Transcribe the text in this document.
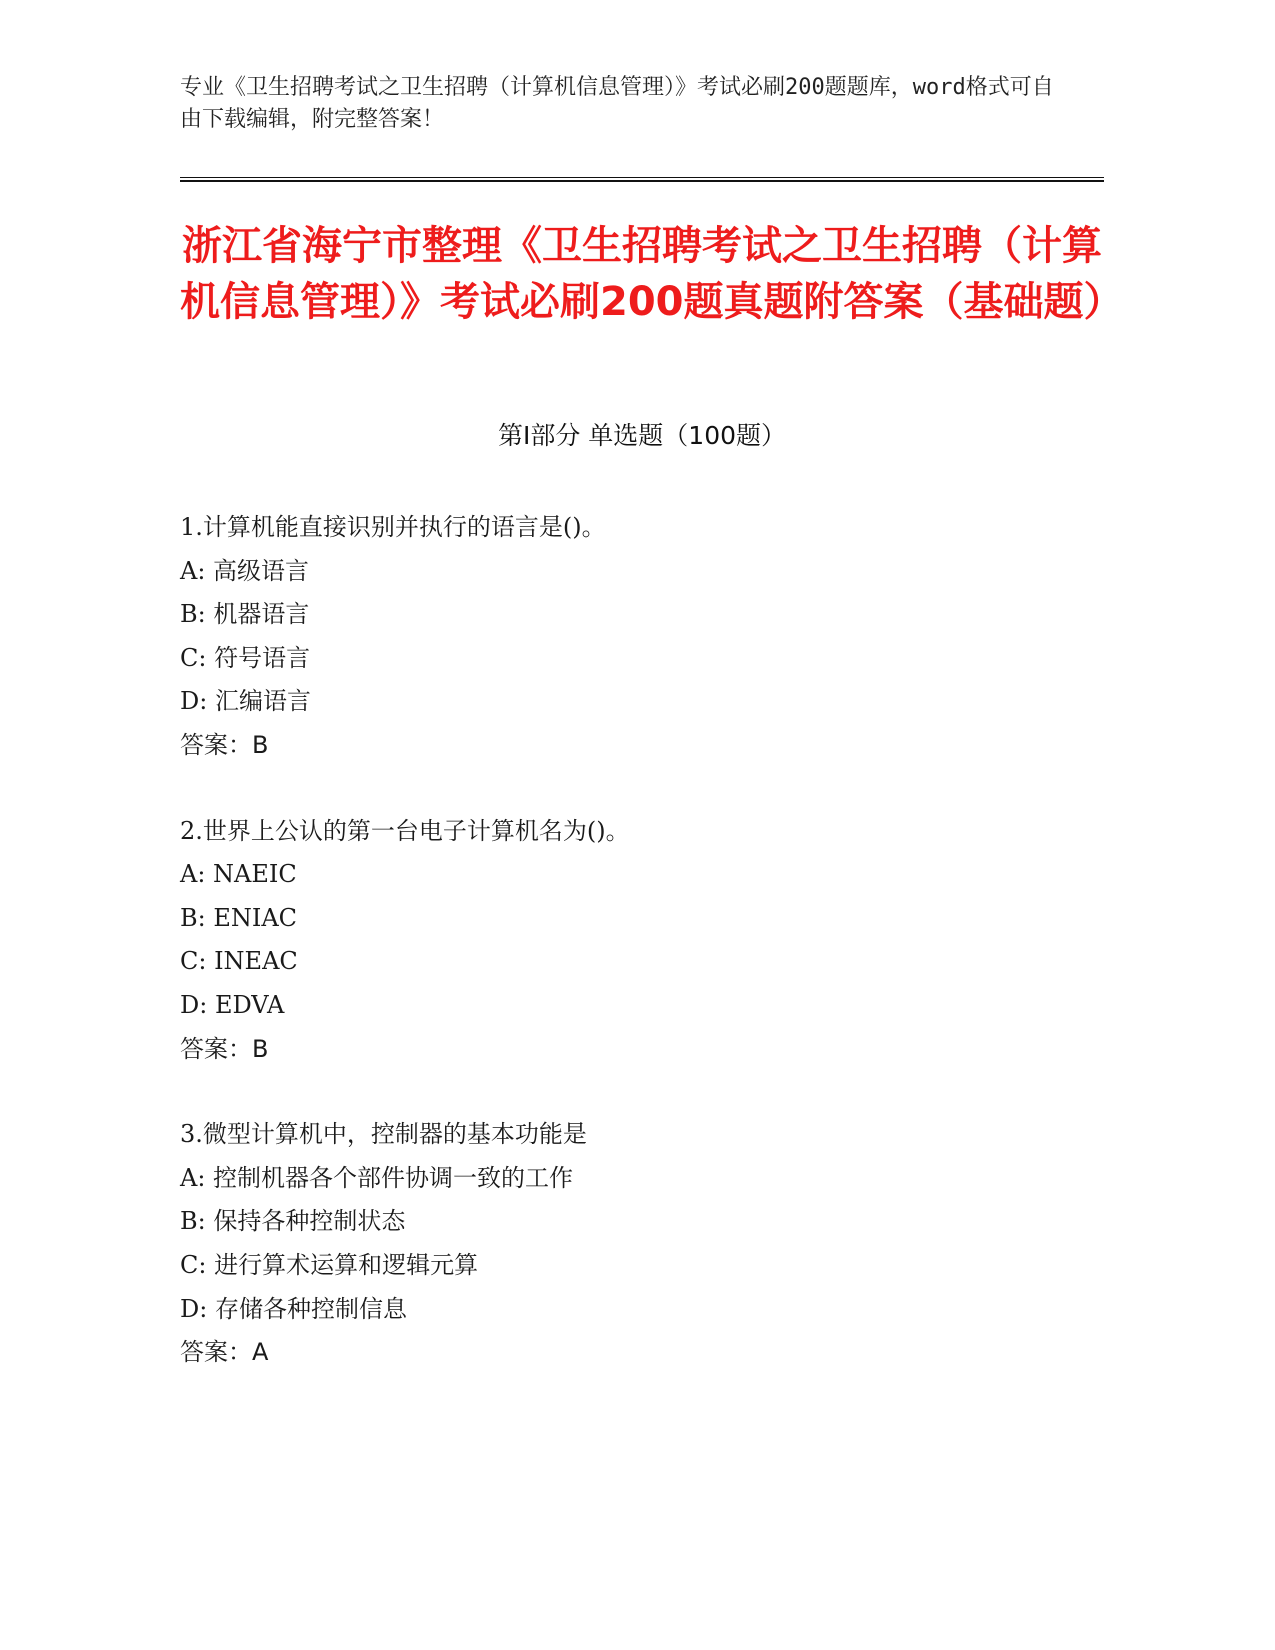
专业《卫生招聘考试之卫生招聘（计算机信息管理）》考试必刷200题题库，word格式可自由下载编辑，附完整答案！
浙江省海宁市整理《卫生招聘考试之卫生招聘（计算机信息管理）》考试必刷200题真题附答案（基础题）
第Ⅰ部分 单选题（100题）
1.计算机能直接识别并执行的语言是()。
A: 高级语言
B: 机器语言
C: 符号语言
D: 汇编语言
答案：B
2.世界上公认的第一台电子计算机名为()。
A: NAEIC
B: ENIAC
C: INEAC
D: EDVA
答案：B
3.微型计算机中，控制器的基本功能是
A: 控制机器各个部件协调一致的工作
B: 保持各种控制状态
C: 进行算术运算和逻辑元算
D: 存储各种控制信息
答案：A
